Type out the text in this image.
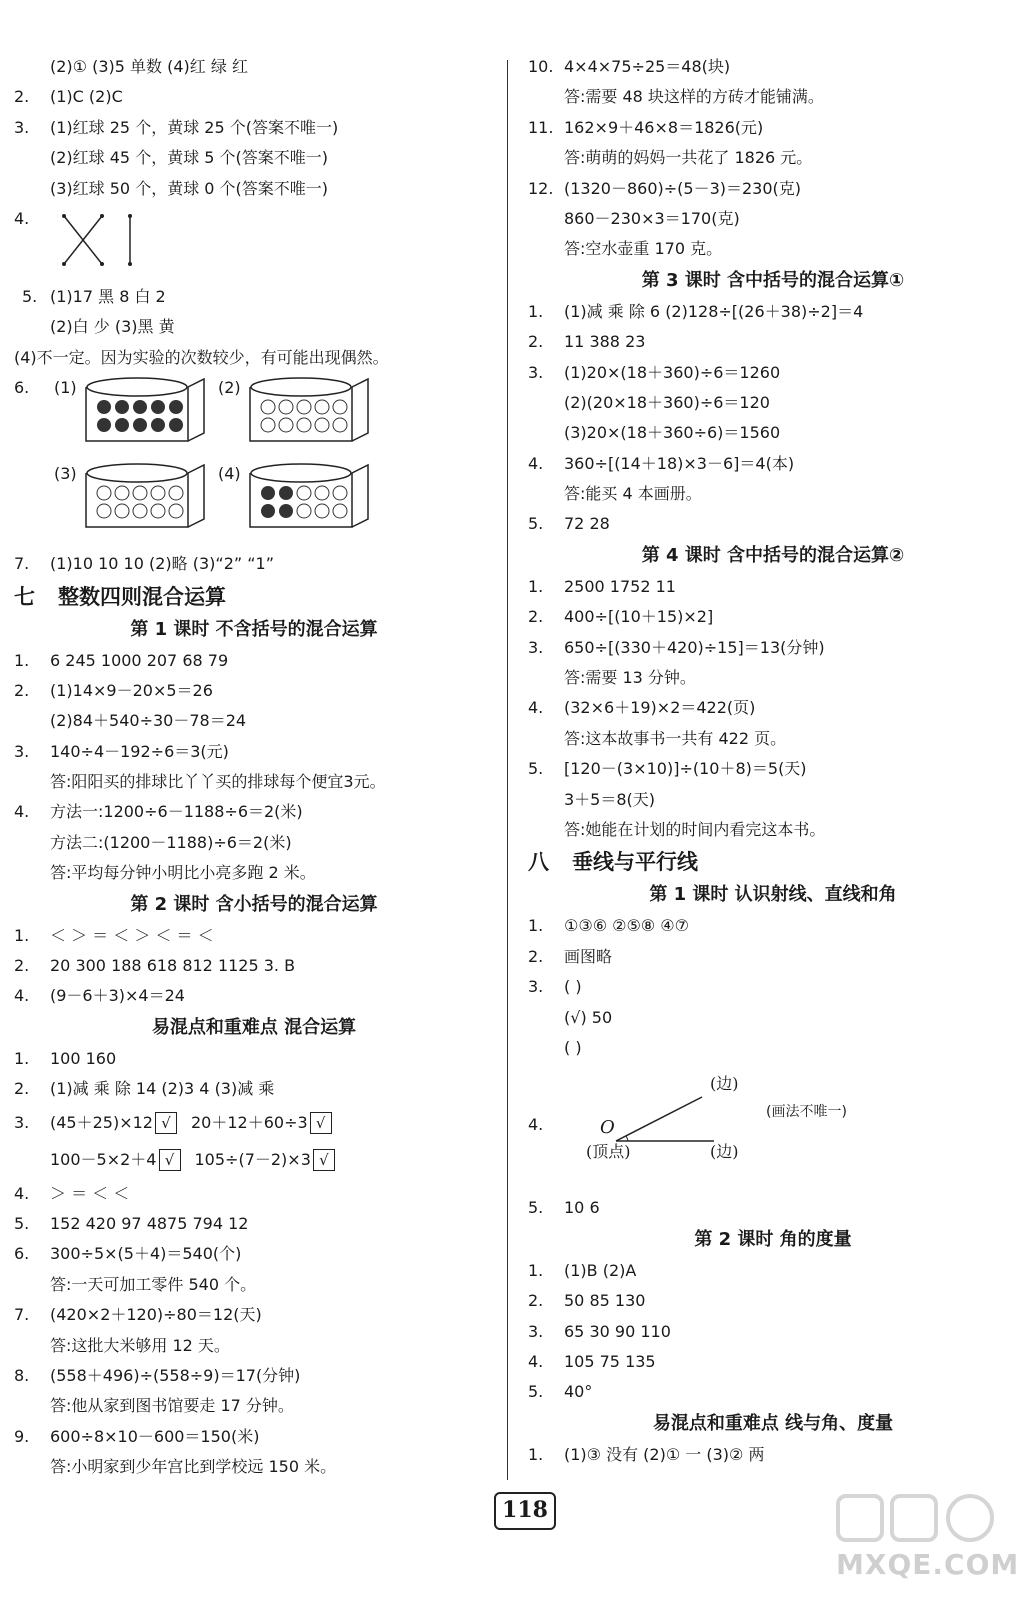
(2)① (3)5 单数 (4)红 绿 红
2. (1)C (2)C
3. (1)红球 25 个，黄球 25 个(答案不唯一)
(2)红球 45 个，黄球 5 个(答案不唯一)
(3)红球 50 个，黄球 0 个(答案不唯一)
4.
5. (1)17 黑 8 白 2
(2)白 少 (3)黑 黄
(4)不一定。因为实验的次数较少，有可能出现偶然。
6. (1)	(2)
(3)	(4)
7. (1)10 10 10 (2)略 (3)“2” “1”
七 整数四则混合运算
第 1 课时 不含括号的混合运算
1. 6 245 1000 207 68 79
2. (1)14×9－20×5＝26
(2)84＋540÷30－78＝24
3. 140÷4－192÷6＝3(元)
答:阳阳买的排球比丫丫买的排球每个便宜3元。
4. 方法一:1200÷6－1188÷6＝2(米)
方法二:(1200－1188)÷6＝2(米)
答:平均每分钟小明比小亮多跑 2 米。
第 2 课时 含小括号的混合运算
1. ＜ ＞ ＝ ＜ ＞ ＜ ＝ ＜
2. 20 300 188 618 812 1125 3. B
4. (9－6＋3)×4＝24
易混点和重难点 混合运算
1. 100 160
2. (1)减 乘 除 14 (2)3 4 (3)减 乘
3. (45＋25)×12 √ 20＋12＋60÷3 √
100－5×2＋4 √ 105÷(7－2)×3 √
4. ＞ ＝ ＜ ＜
5. 152 420 97 4875 794 12
6. 300÷5×(5＋4)＝540(个)
答:一天可加工零件 540 个。
7. (420×2＋120)÷80＝12(天)
答:这批大米够用 12 天。
8. (558＋496)÷(558÷9)＝17(分钟)
答:他从家到图书馆要走 17 分钟。
9. 600÷8×10－600＝150(米)
答:小明家到少年宫比到学校远 150 米。
10. 4×4×75÷25＝48(块)
答:需要 48 块这样的方砖才能铺满。
11. 162×9＋46×8＝1826(元)
答:萌萌的妈妈一共花了 1826 元。
12. (1320－860)÷(5－3)＝230(克)
860－230×3＝170(克)
答:空水壶重 170 克。
第 3 课时 含中括号的混合运算①
1. (1)减 乘 除 6 (2)128÷[(26＋38)÷2]＝4
2. 11 388 23
3. (1)20×(18＋360)÷6＝1260
(2)(20×18＋360)÷6＝120
(3)20×(18＋360÷6)＝1560
4. 360÷[(14＋18)×3－6]＝4(本)
答:能买 4 本画册。
5. 72 28
第 4 课时 含中括号的混合运算②
1. 2500 1752 11
2. 400÷[(10＋15)×2]
3. 650÷[(330＋420)÷15]＝13(分钟)
答:需要 13 分钟。
4. (32×6＋19)×2＝422(页)
答:这本故事书一共有 422 页。
5. [120－(3×10)]÷(10＋8)＝5(天)
3＋5＝8(天)
答:她能在计划的时间内看完这本书。
八 垂线与平行线
第 1 课时 认识射线、直线和角
1. ①③⑥ ②⑤⑧ ④⑦
2. 画图略
3. ( )
(√) 50
( )
4.
(边)
O
(画法不唯一)
(顶点)	(边)
5. 10 6
第 2 课时 角的度量
1. (1)B (2)A
2. 50 85 130
3. 65 30 90 110
4. 105 75 135
5. 40°
易混点和重难点 线与角、度量
1. (1)③ 没有 (2)① 一 (3)② 两
118
MXQE.COM
